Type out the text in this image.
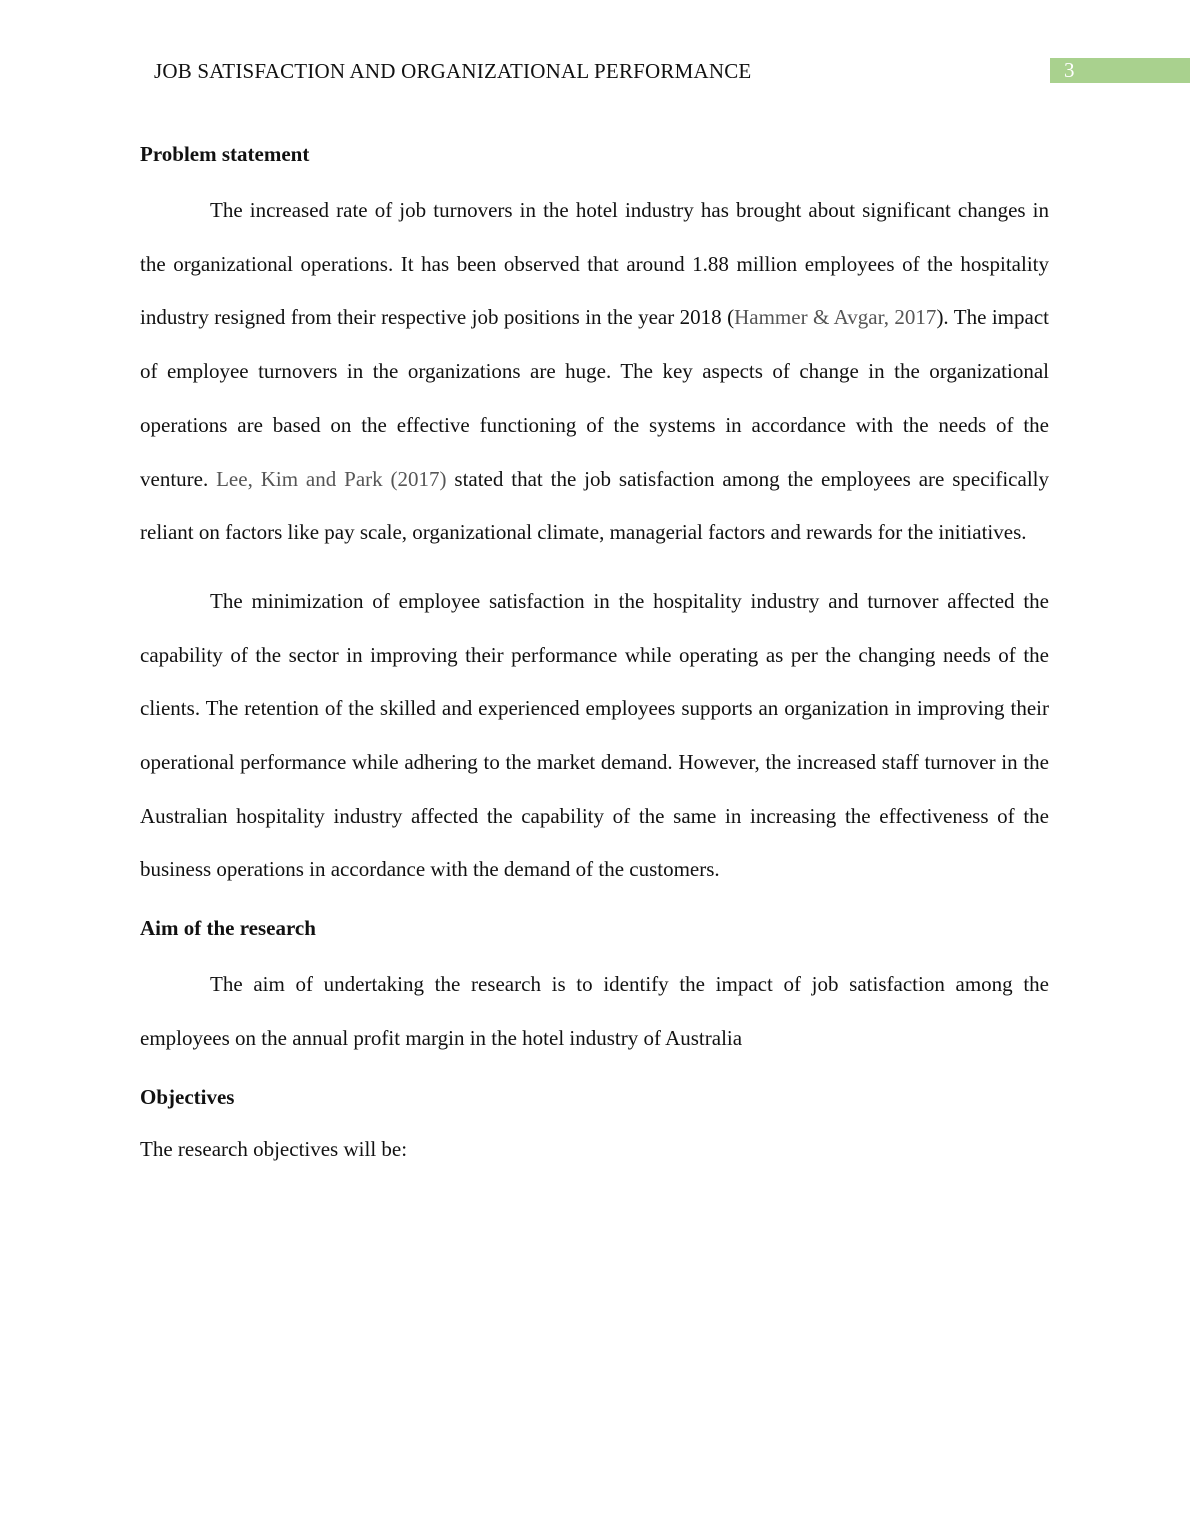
JOB SATISFACTION AND ORGANIZATIONAL PERFORMANCE	3
Problem statement

The increased rate of job turnovers in the hotel industry has brought about significant changes in the organizational operations. It has been observed that around 1.88 million employees of the hospitality industry resigned from their respective job positions in the year 2018 (Hammer & Avgar, 2017). The impact of employee turnovers in the organizations are huge. The key aspects of change in the organizational operations are based on the effective functioning of the systems in accordance with the needs of the venture. Lee, Kim and Park (2017) stated that the job satisfaction among the employees are specifically reliant on factors like pay scale, organizational climate, managerial factors and rewards for the initiatives.

The minimization of employee satisfaction in the hospitality industry and turnover affected the capability of the sector in improving their performance while operating as per the changing needs of the clients. The retention of the skilled and experienced employees supports an organization in improving their operational performance while adhering to the market demand. However, the increased staff turnover in the Australian hospitality industry affected the capability of the same in increasing the effectiveness of the business operations in accordance with the demand of the customers.

Aim of the research

The aim of undertaking the research is to identify the impact of job satisfaction among the employees on the annual profit margin in the hotel industry of Australia

Objectives

The research objectives will be:
